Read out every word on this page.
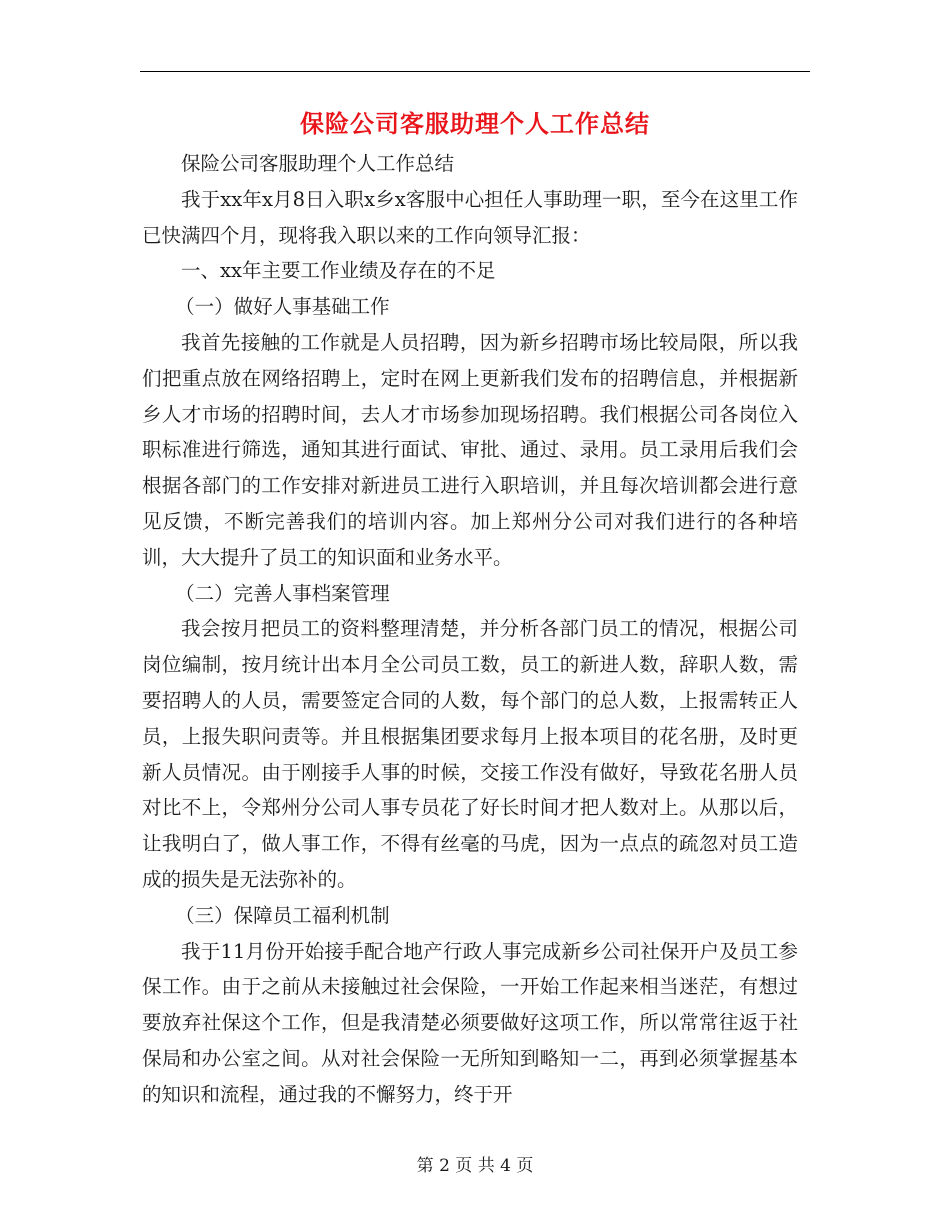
保险公司客服助理个人工作总结

保险公司客服助理个人工作总结

我于xx年x月8日入职x乡x客服中心担任人事助理一职，至今在这里工作已快满四个月，现将我入职以来的工作向领导汇报：

一、xx年主要工作业绩及存在的不足

（一）做好人事基础工作

我首先接触的工作就是人员招聘，因为新乡招聘市场比较局限，所以我们把重点放在网络招聘上，定时在网上更新我们发布的招聘信息，并根据新乡人才市场的招聘时间，去人才市场参加现场招聘。我们根据公司各岗位入职标准进行筛选，通知其进行面试、审批、通过、录用。员工录用后我们会根据各部门的工作安排对新进员工进行入职培训，并且每次培训都会进行意见反馈，不断完善我们的培训内容。加上郑州分公司对我们进行的各种培训，大大提升了员工的知识面和业务水平。

（二）完善人事档案管理

我会按月把员工的资料整理清楚，并分析各部门员工的情况，根据公司岗位编制，按月统计出本月全公司员工数，员工的新进人数，辞职人数，需要招聘人的人员，需要签定合同的人数，每个部门的总人数，上报需转正人员，上报失职问责等。并且根据集团要求每月上报本项目的花名册，及时更新人员情况。由于刚接手人事的时候，交接工作没有做好，导致花名册人员对比不上，令郑州分公司人事专员花了好长时间才把人数对上。从那以后，让我明白了，做人事工作，不得有丝毫的马虎，因为一点点的疏忽对员工造成的损失是无法弥补的。

（三）保障员工福利机制

我于11月份开始接手配合地产行政人事完成新乡公司社保开户及员工参保工作。由于之前从未接触过社会保险，一开始工作起来相当迷茫，有想过要放弃社保这个工作，但是我清楚必须要做好这项工作，所以常常往返于社保局和办公室之间。从对社会保险一无所知到略知一二，再到必须掌握基本的知识和流程，通过我的不懈努力，终于开

第 2 页 共 4 页
